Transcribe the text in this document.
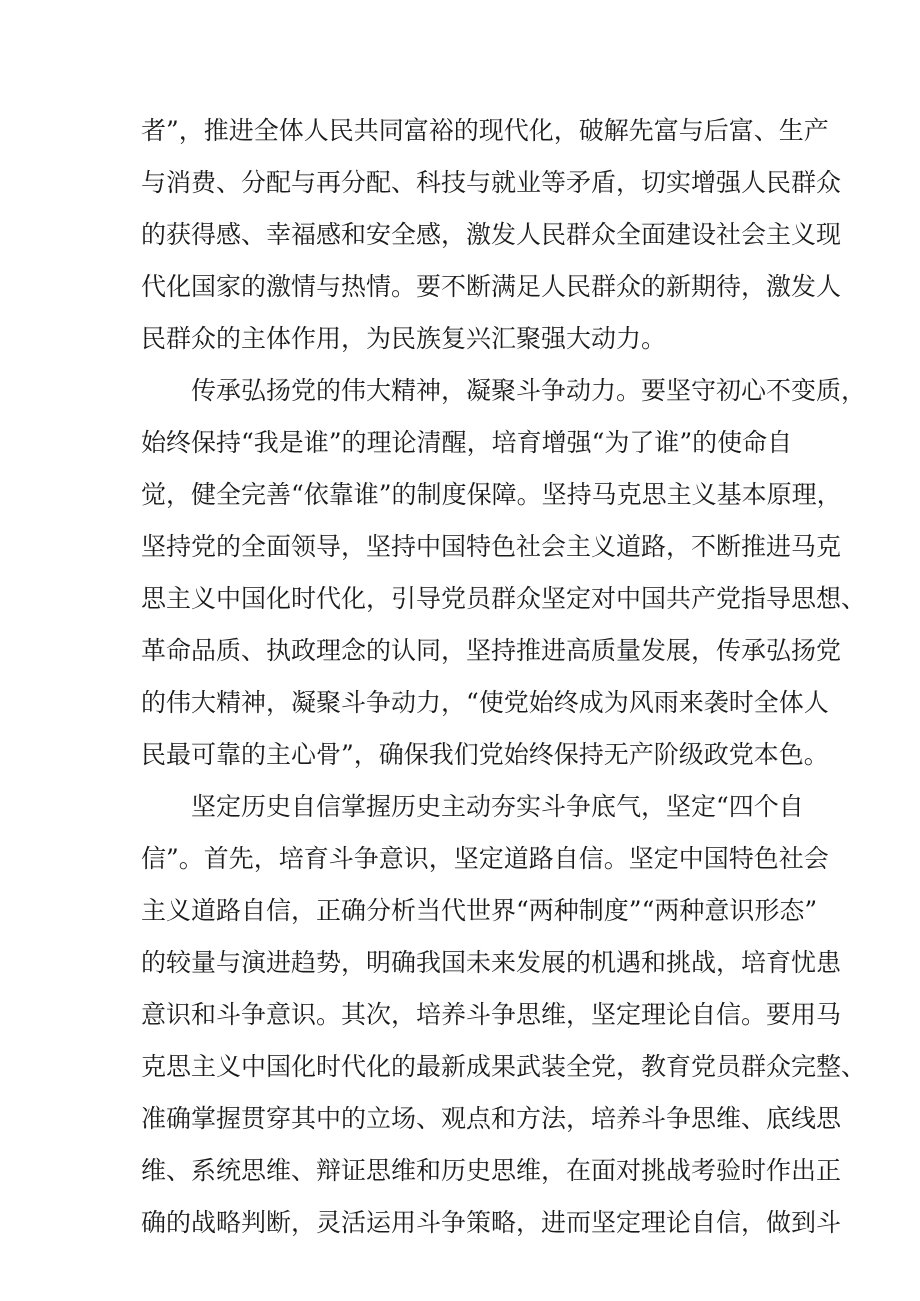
者”，推进全体人民共同富裕的现代化，破解先富与后富、生产
与消费、分配与再分配、科技与就业等矛盾，切实增强人民群众
的获得感、幸福感和安全感，激发人民群众全面建设社会主义现
代化国家的激情与热情。要不断满足人民群众的新期待，激发人
民群众的主体作用，为民族复兴汇聚强大动力。
传承弘扬党的伟大精神，凝聚斗争动力。要坚守初心不变质，
始终保持“我是谁”的理论清醒，培育增强“为了谁”的使命自
觉，健全完善“依靠谁”的制度保障。坚持马克思主义基本原理，
坚持党的全面领导，坚持中国特色社会主义道路，不断推进马克
思主义中国化时代化，引导党员群众坚定对中国共产党指导思想、
革命品质、执政理念的认同，坚持推进高质量发展，传承弘扬党
的伟大精神，凝聚斗争动力，“使党始终成为风雨来袭时全体人
民最可靠的主心骨”，确保我们党始终保持无产阶级政党本色。
坚定历史自信掌握历史主动夯实斗争底气，坚定“四个自
信”。首先，培育斗争意识，坚定道路自信。坚定中国特色社会
主义道路自信，正确分析当代世界“两种制度”“两种意识形态”
的较量与演进趋势，明确我国未来发展的机遇和挑战，培育忧患
意识和斗争意识。其次，培养斗争思维，坚定理论自信。要用马
克思主义中国化时代化的最新成果武装全党，教育党员群众完整、
准确掌握贯穿其中的立场、观点和方法，培养斗争思维、底线思
维、系统思维、辩证思维和历史思维，在面对挑战考验时作出正
确的战略判断，灵活运用斗争策略，进而坚定理论自信，做到斗
